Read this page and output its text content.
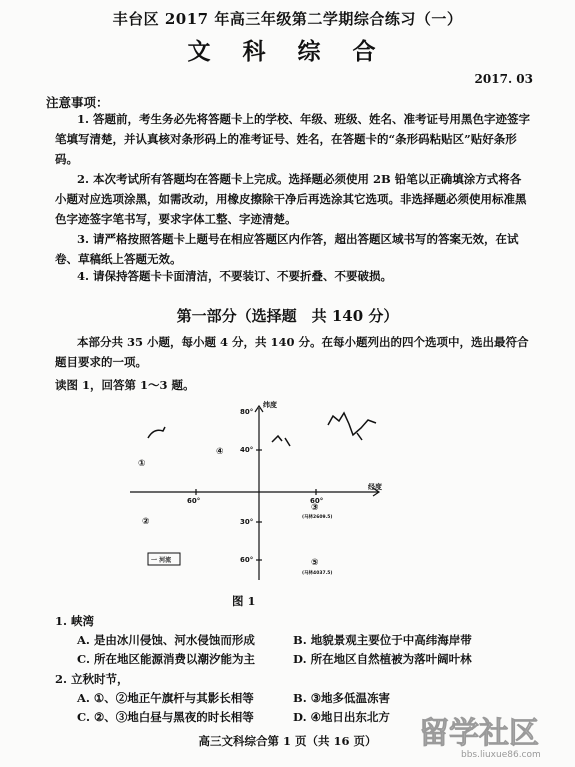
丰台区 2017 年高三年级第二学期综合练习（一）
文 科 综 合
2017. 03
注意事项：
1. 答题前，考生务必先将答题卡上的学校、年级、班级、姓名、准考证号用黑色字迹签字笔填写清楚，并认真核对条形码上的准考证号、姓名，在答题卡的“条形码粘贴区”贴好条形码。
2. 本次考试所有答题均在答题卡上完成。选择题必须使用 2B 铅笔以正确填涂方式将各小题对应选项涂黑，如需改动，用橡皮擦除干净后再选涂其它选项。非选择题必须使用标准黑色字迹签字笔书写，要求字体工整、字迹清楚。
3. 请严格按照答题卡上题号在相应答题区内作答，超出答题区域书写的答案无效，在试卷、草稿纸上答题无效。
4. 请保持答题卡卡面清洁，不要装订、不要折叠、不要破损。
第一部分（选择题　共 140 分）
本部分共 35 小题，每小题 4 分，共 140 分。在每小题列出的四个选项中，选出最符合题目要求的一项。
读图 1，回答第 1～3 题。
纬度
经度
80°
40°
30°
60°
60°	60°
①
②
③
④
⑤
(马林2609.5)
(马林4037.5)
一 河流
图 1
1. 峡湾
A. 是由冰川侵蚀、河水侵蚀而形成	B. 地貌景观主要位于中高纬海岸带
C. 所在地区能源消费以潮汐能为主	D. 所在地区自然植被为落叶阔叶林
2. 立秋时节，
A. ①、②地正午旗杆与其影长相等	B. ③地多低温冻害
C. ②、③地白昼与黑夜的时长相等	D. ④地日出东北方
高三文科综合第 1 页（共 16 页）	留学社区
bbs.liuxue86.com
